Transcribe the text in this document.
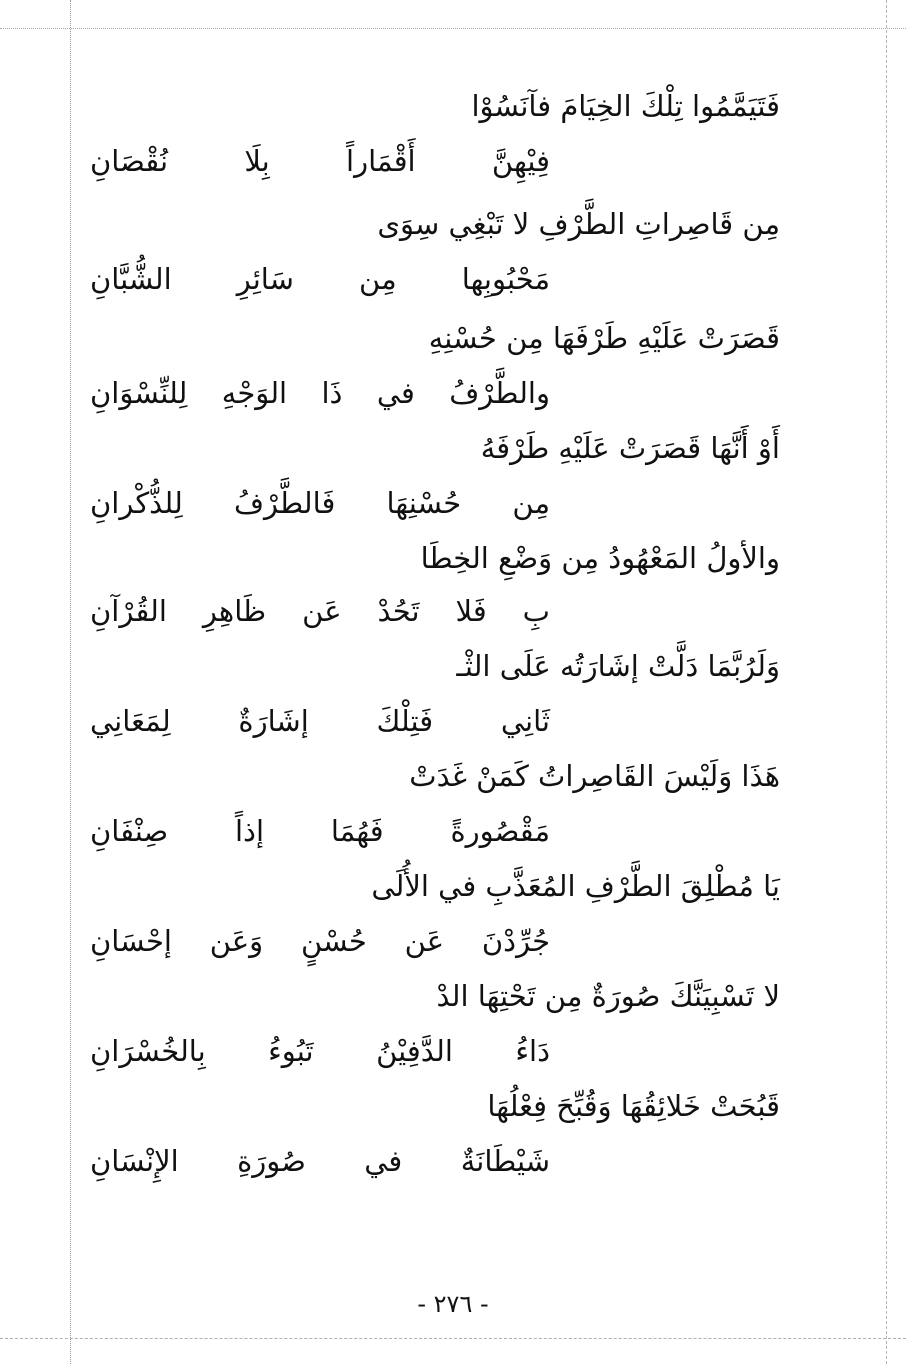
فَتَيَمَّمُوا تِلْكَ الخِيَامَ فآنَسُوْا
فِيْهِنَّ أَقْمَاراً بِلَا نُقْصَانِ
مِن قَاصِراتِ الطَّرْفِ لا تَبْغِي سِوَى
مَحْبُوبِها مِن سَائِرِ الشُّبَّانِ
قَصَرَتْ عَلَيْهِ طَرْفَهَا مِن حُسْنِهِ
والطَّرْفُ في ذَا الوَجْهِ لِلنِّسْوَانِ
أَوْ أَنَّهَا قَصَرَتْ عَلَيْهِ طَرْفَهُ
مِن حُسْنِهَا فَالطَّرْفُ لِلذُّكْرانِ
والأولُ المَعْهُودُ مِن وَضْعِ الخِطَا
بِ فَلا تَحُدْ عَن ظَاهِرِ القُرْآنِ
وَلَرُبَّمَا دَلَّتْ إشَارَتُه عَلَى الثْـ
ثَانِي فَتِلْكَ إشَارَةٌ لِمَعَانِي
هَذَا وَلَيْسَ القَاصِراتُ كَمَنْ غَدَتْ
مَقْصُورةً فَهُمَا إذاً صِنْفَانِ
يَا مُطْلِقَ الطَّرْفِ المُعَذَّبِ في الأُلَى
جُرِّدْنَ عَن حُسْنٍ وَعَن إحْسَانِ
لا تَسْبِيَنَّكَ صُورَةٌ مِن تَحْتِهَا الدْ
دَاءُ الدَّفِيْنُ تَبُوءُ بِالخُسْرَانِ
قَبُحَتْ خَلائِقُهَا وَقُبِّحَ فِعْلُهَا
شَيْطَانَةٌ في صُورَةِ الإِنْسَانِ
- ٢٧٦ -
